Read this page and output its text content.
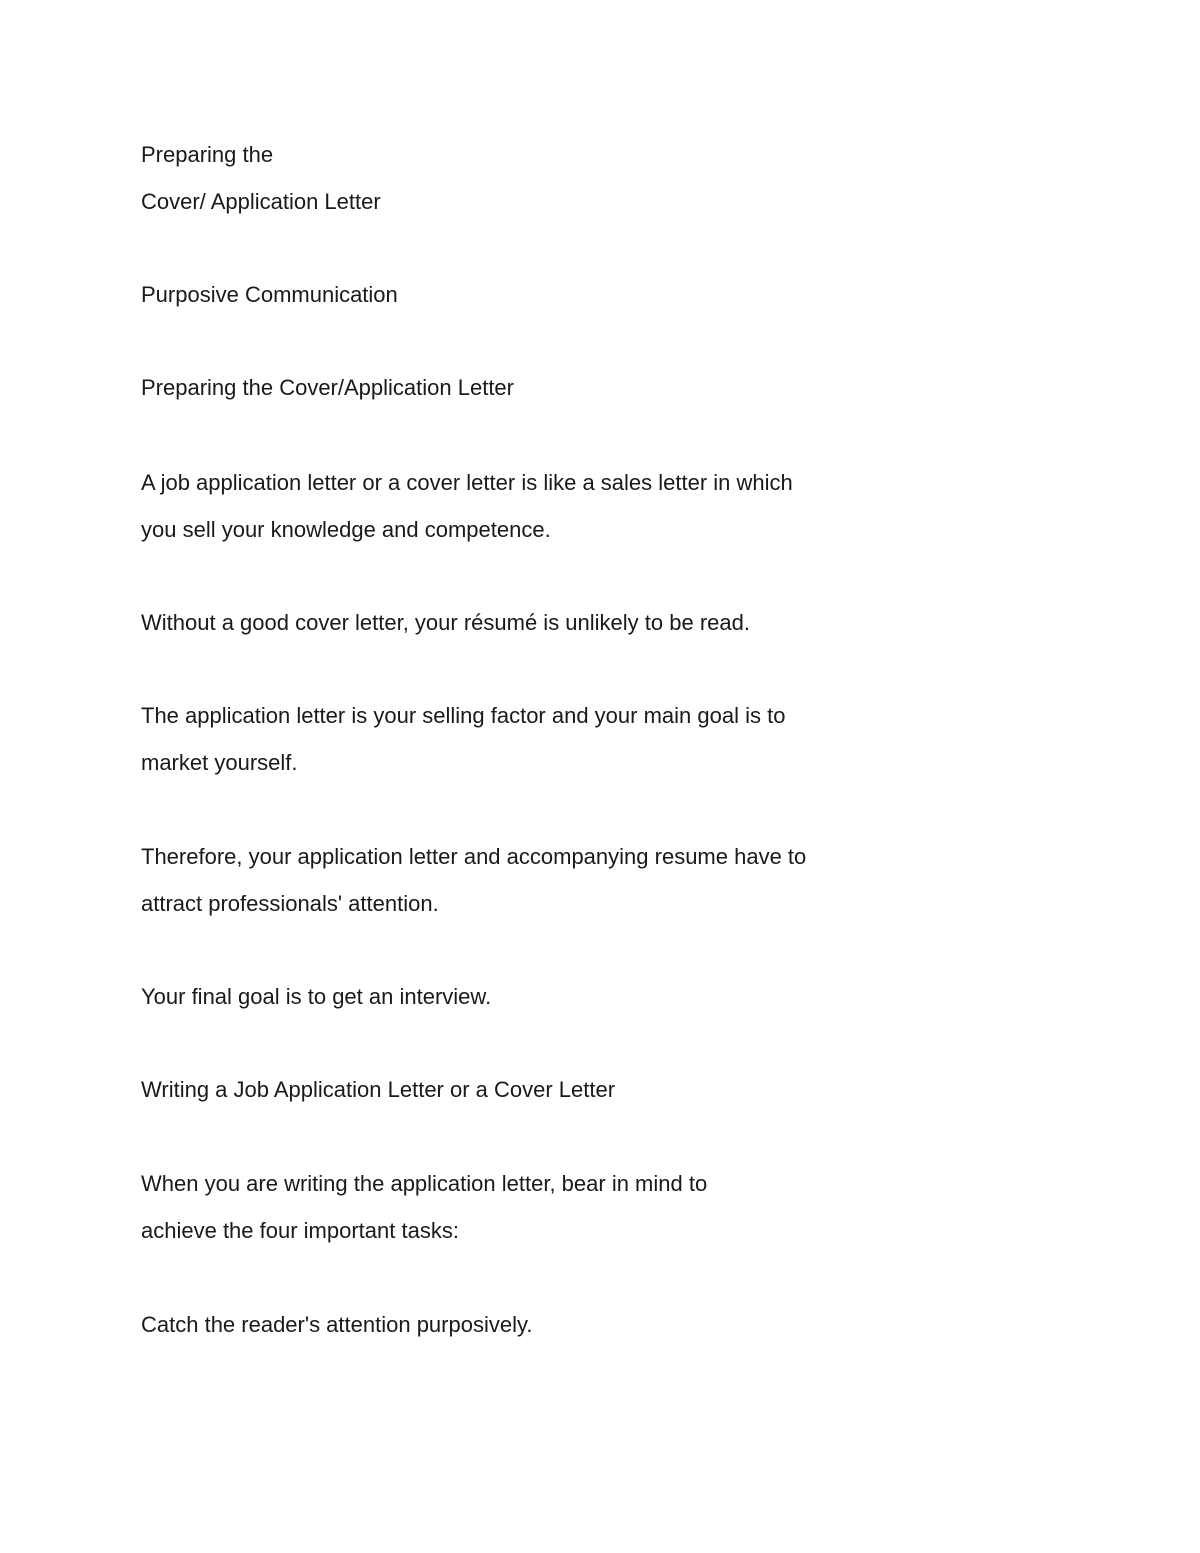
Preparing the

Cover/ Application Letter

Purposive Communication

Preparing the Cover/Application Letter

A job application letter or a cover letter is like a sales letter in which

you sell your knowledge and competence.

Without a good cover letter, your résumé is unlikely to be read.

The application letter is your selling factor and your main goal is to

market yourself.

Therefore, your application letter and accompanying resume have to

attract professionals' attention.

Your final goal is to get an interview.

Writing a Job Application Letter or a Cover Letter

When you are writing the application letter, bear in mind to

achieve the four important tasks:

Catch the reader's attention purposively.
